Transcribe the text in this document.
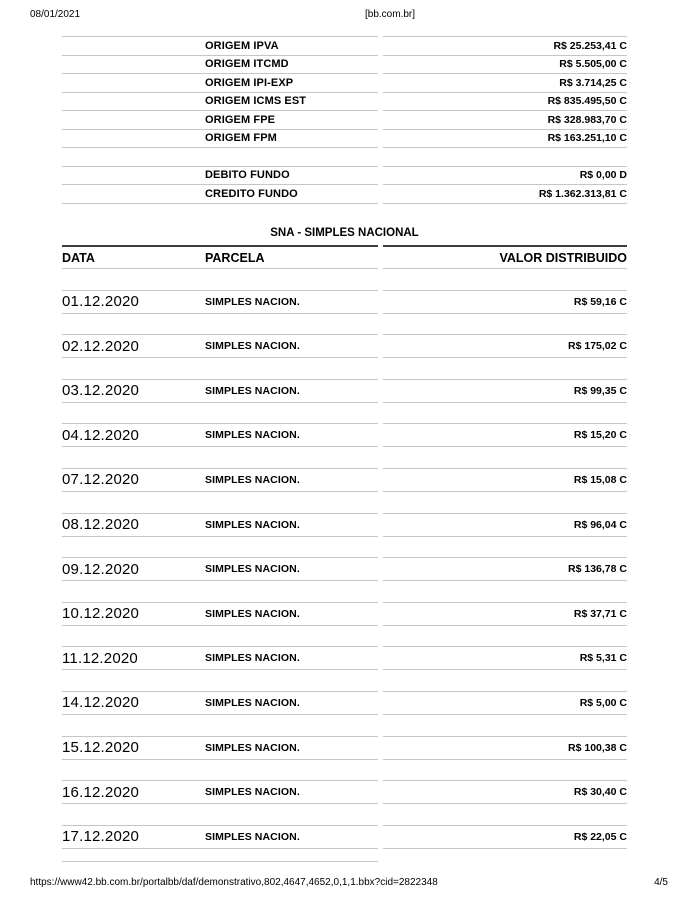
08/01/2021	[bb.com.br]
ORIGEM IPVA	R$ 25.253,41 C
ORIGEM ITCMD	R$ 5.505,00 C
ORIGEM IPI-EXP	R$ 3.714,25 C
ORIGEM ICMS EST	R$ 835.495,50 C
ORIGEM FPE	R$ 328.983,70 C
ORIGEM FPM	R$ 163.251,10 C
DEBITO FUNDO	R$ 0,00 D
CREDITO FUNDO	R$ 1.362.313,81 C
SNA - SIMPLES NACIONAL
DATA	PARCELA	VALOR DISTRIBUIDO
01.12.2020	SIMPLES NACION.	R$ 59,16 C
02.12.2020	SIMPLES NACION.	R$ 175,02 C
03.12.2020	SIMPLES NACION.	R$ 99,35 C
04.12.2020	SIMPLES NACION.	R$ 15,20 C
07.12.2020	SIMPLES NACION.	R$ 15,08 C
08.12.2020	SIMPLES NACION.	R$ 96,04 C
09.12.2020	SIMPLES NACION.	R$ 136,78 C
10.12.2020	SIMPLES NACION.	R$ 37,71 C
11.12.2020	SIMPLES NACION.	R$ 5,31 C
14.12.2020	SIMPLES NACION.	R$ 5,00 C
15.12.2020	SIMPLES NACION.	R$ 100,38 C
16.12.2020	SIMPLES NACION.	R$ 30,40 C
17.12.2020	SIMPLES NACION.	R$ 22,05 C
https://www42.bb.com.br/portalbb/daf/demonstrativo,802,4647,4652,0,1,1.bbx?cid=2822348	4/5
